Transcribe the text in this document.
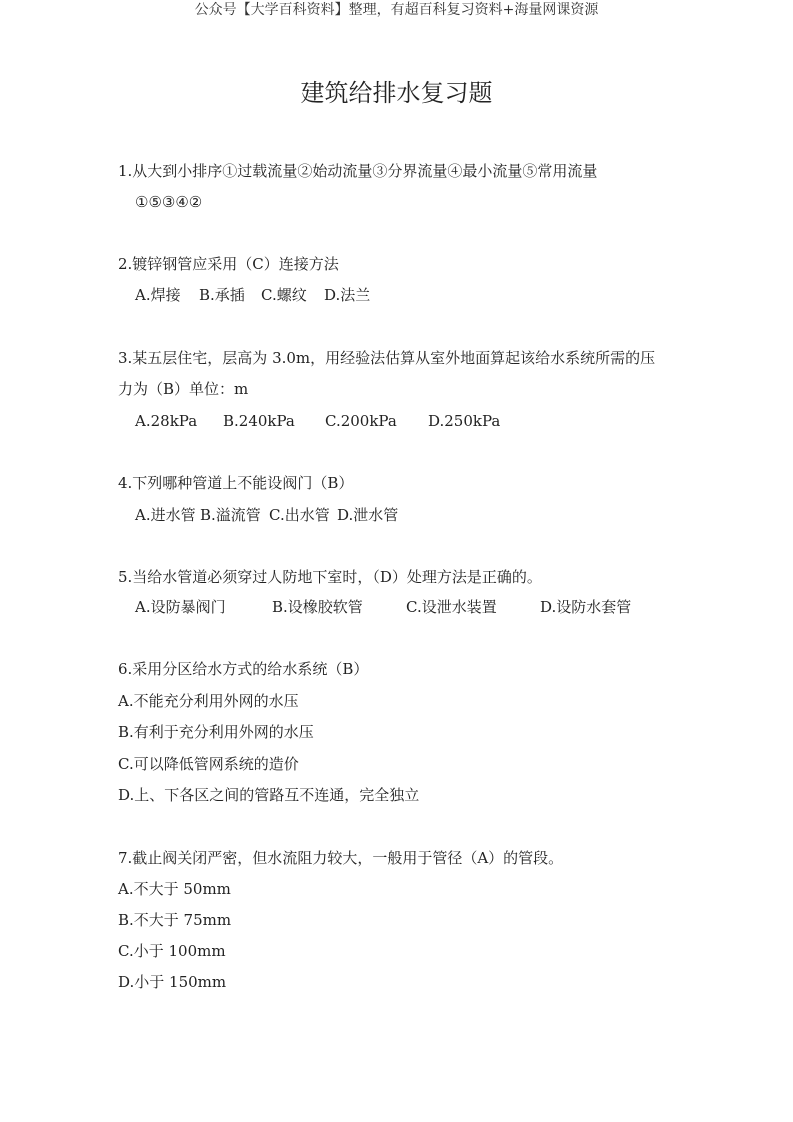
公众号【大学百科资料】整理，有超百科复习资料+海量网课资源
建筑给排水复习题
1.从大到小排序①过载流量②始动流量③分界流量④最小流量⑤常用流量
①⑤③④②
2.镀锌钢管应采用（C）连接方法
A.焊接 B.承插 C.螺纹 D.法兰
3.某五层住宅，层高为 3.0m，用经验法估算从室外地面算起该给水系统所需的压
力为（B）单位：m
A.28kPa B.240kPa C.200kPa D.250kPa
4.下列哪种管道上不能设阀门（B）
A.进水管 B.溢流管 C.出水管 D.泄水管
5.当给水管道必须穿过人防地下室时，（D）处理方法是正确的。
A.设防暴阀门	B.设橡胶软管	C.设泄水装置	D.设防水套管
6.采用分区给水方式的给水系统（B）
A.不能充分利用外网的水压
B.有利于充分利用外网的水压
C.可以降低管网系统的造价
D.上、下各区之间的管路互不连通，完全独立
7.截止阀关闭严密，但水流阻力较大，一般用于管径（A）的管段。
A.不大于 50mm
B.不大于 75mm
C.小于 100mm
D.小于 150mm
